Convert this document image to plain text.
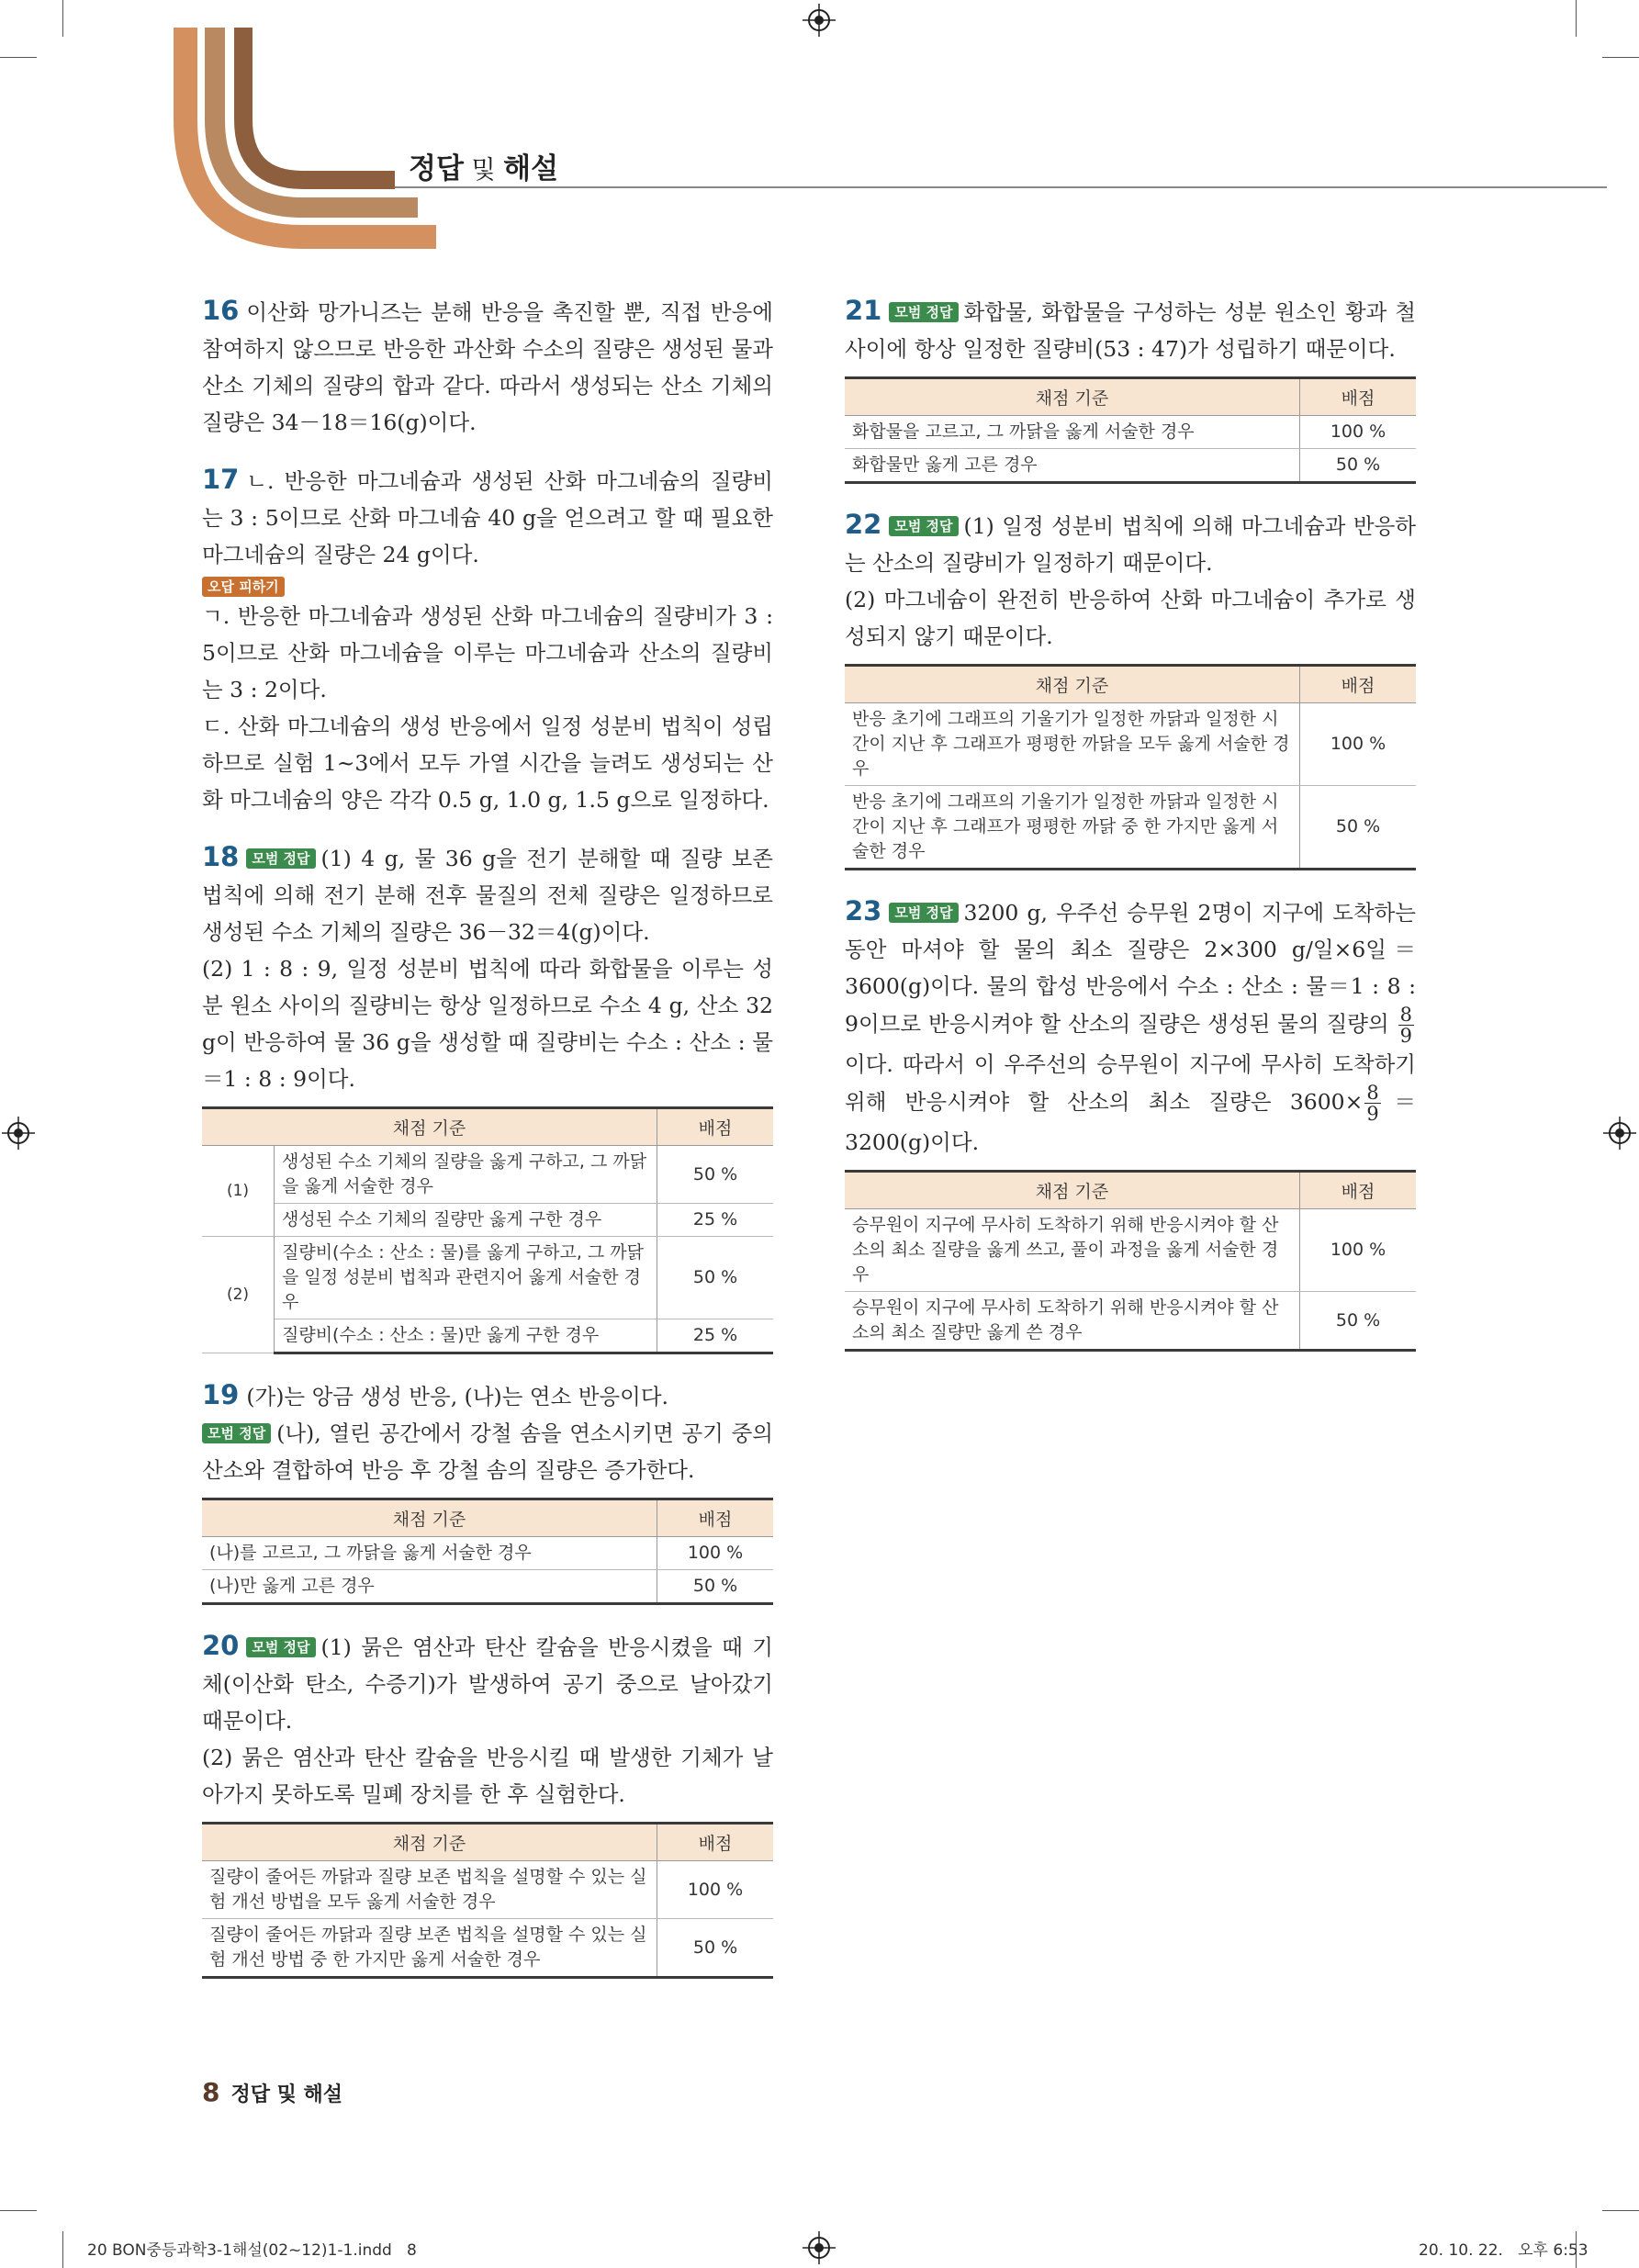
정답 및 해설

16 이산화 망가니즈는 분해 반응을 촉진할 뿐, 직접 반응에 참여하지 않으므로 반응한 과산화 수소의 질량은 생성된 물과 산소 기체의 질량의 합과 같다. 따라서 생성되는 산소 기체의 질량은 34－18＝16(g)이다.

17 ㄴ. 반응한 마그네슘과 생성된 산화 마그네슘의 질량비는 3 : 5이므로 산화 마그네슘 40 g을 얻으려고 할 때 필요한 마그네슘의 질량은 24 g이다.

오답 피하기

ㄱ. 반응한 마그네슘과 생성된 산화 마그네슘의 질량비가 3 : 5이므로 산화 마그네슘을 이루는 마그네슘과 산소의 질량비는 3 : 2이다.

ㄷ. 산화 마그네슘의 생성 반응에서 일정 성분비 법칙이 성립하므로 실험 1~3에서 모두 가열 시간을 늘려도 생성되는 산화 마그네슘의 양은 각각 0.5 g, 1.0 g, 1.5 g으로 일정하다.

18 모범 정답 (1) 4 g, 물 36 g을 전기 분해할 때 질량 보존 법칙에 의해 전기 분해 전후 물질의 전체 질량은 일정하므로 생성된 수소 기체의 질량은 36－32＝4(g)이다.

(2) 1 : 8 : 9, 일정 성분비 법칙에 따라 화합물을 이루는 성분 원소 사이의 질량비는 항상 일정하므로 수소 4 g, 산소 32 g이 반응하여 물 36 g을 생성할 때 질량비는 수소 : 산소 : 물＝1 : 8 : 9이다.

채점 기준		배점
(1)	생성된 수소 기체의 질량을 옳게 구하고, 그 까닭을 옳게 서술한 경우	50 %
	생성된 수소 기체의 질량만 옳게 구한 경우	25 %
(2)	질량비(수소 : 산소 : 물)를 옳게 구하고, 그 까닭을 일정 성분비 법칙과 관련지어 옳게 서술한 경우	50 %
	질량비(수소 : 산소 : 물)만 옳게 구한 경우	25 %

19 (가)는 앙금 생성 반응, (나)는 연소 반응이다.

모범 정답 (나), 열린 공간에서 강철 솜을 연소시키면 공기 중의 산소와 결합하여 반응 후 강철 솜의 질량은 증가한다.

채점 기준	배점
(나)를 고르고, 그 까닭을 옳게 서술한 경우	100 %
(나)만 옳게 고른 경우	50 %

20 모범 정답 (1) 묽은 염산과 탄산 칼슘을 반응시켰을 때 기체(이산화 탄소, 수증기)가 발생하여 공기 중으로 날아갔기 때문이다.

(2) 묽은 염산과 탄산 칼슘을 반응시킬 때 발생한 기체가 날아가지 못하도록 밀폐 장치를 한 후 실험한다.

채점 기준	배점
질량이 줄어든 까닭과 질량 보존 법칙을 설명할 수 있는 실험 개선 방법을 모두 옳게 서술한 경우	100 %
질량이 줄어든 까닭과 질량 보존 법칙을 설명할 수 있는 실험 개선 방법 중 한 가지만 옳게 서술한 경우	50 %

21 모범 정답 화합물, 화합물을 구성하는 성분 원소인 황과 철 사이에 항상 일정한 질량비(53 : 47)가 성립하기 때문이다.

채점 기준	배점
화합물을 고르고, 그 까닭을 옳게 서술한 경우	100 %
화합물만 옳게 고른 경우	50 %

22 모범 정답 (1) 일정 성분비 법칙에 의해 마그네슘과 반응하는 산소의 질량비가 일정하기 때문이다.

(2) 마그네슘이 완전히 반응하여 산화 마그네슘이 추가로 생성되지 않기 때문이다.

채점 기준	배점
반응 초기에 그래프의 기울기가 일정한 까닭과 일정한 시간이 지난 후 그래프가 평평한 까닭을 모두 옳게 서술한 경우	100 %
반응 초기에 그래프의 기울기가 일정한 까닭과 일정한 시간이 지난 후 그래프가 평평한 까닭 중 한 가지만 옳게 서술한 경우	50 %

23 모범 정답 3200 g, 우주선 승무원 2명이 지구에 도착하는 동안 마셔야 할 물의 최소 질량은 2×300 g/일×6일＝3600(g)이다. 물의 합성 반응에서 수소 : 산소 : 물＝1 : 8 : 9이므로 반응시켜야 할 산소의 질량은 생성된 물의 질량의 $\frac{8}{9}$
이다. 따라서 이 우주선의 승무원이 지구에 무사히 도착하기 위해 반응시켜야 할 산소의 최소 질량은 $3600\times \frac{8}{9} =3200(g)$이다.

채점 기준	배점
승무원이 지구에 무사히 도착하기 위해 반응시켜야 할 산소의 최소 질량을 옳게 쓰고, 풀이 과정을 옳게 서술한 경우	100 %
승무원이 지구에 무사히 도착하기 위해 반응시켜야 할 산소의 최소 질량만 옳게 쓴 경우	50 %
8 정답 및 해설
20 BON중등과학3-1해설(02~12)1-1.indd   8	20. 10. 22.   오후 6:53
